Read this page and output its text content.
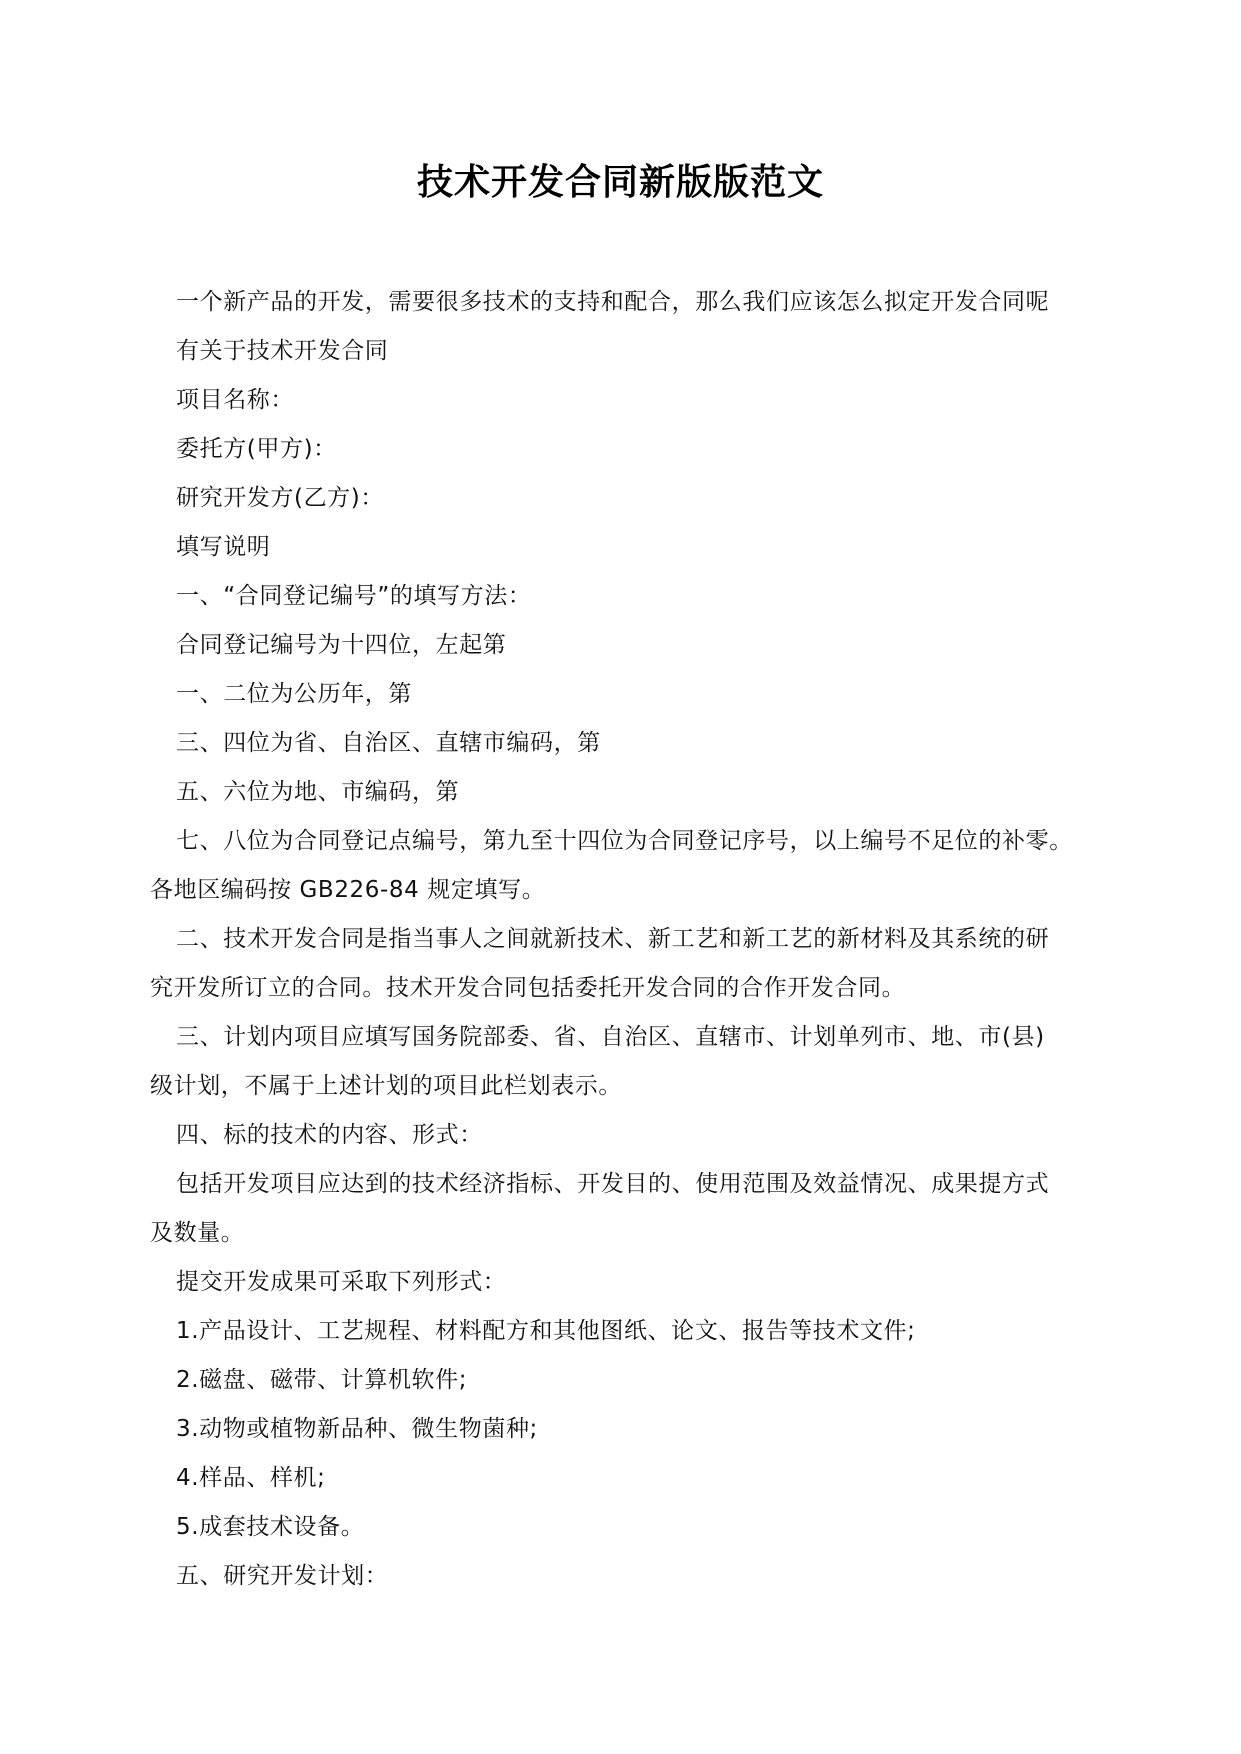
技术开发合同新版版范文
一个新产品的开发，需要很多技术的支持和配合，那么我们应该怎么拟定开发合同呢
有关于技术开发合同
项目名称：
委托方(甲方)：
研究开发方(乙方)：
填写说明
一、“合同登记编号”的填写方法：
合同登记编号为十四位，左起第
一、二位为公历年，第
三、四位为省、自治区、直辖市编码，第
五、六位为地、市编码，第
七、八位为合同登记点编号，第九至十四位为合同登记序号，以上编号不足位的补零。
各地区编码按 GB226-84 规定填写。
二、技术开发合同是指当事人之间就新技术、新工艺和新工艺的新材料及其系统的研
究开发所订立的合同。技术开发合同包括委托开发合同的合作开发合同。
三、计划内项目应填写国务院部委、省、自治区、直辖市、计划单列市、地、市(县)
级计划，不属于上述计划的项目此栏划表示。
四、标的技术的内容、形式：
包括开发项目应达到的技术经济指标、开发目的、使用范围及效益情况、成果提方式
及数量。
提交开发成果可采取下列形式：
1.产品设计、工艺规程、材料配方和其他图纸、论文、报告等技术文件;
2.磁盘、磁带、计算机软件;
3.动物或植物新品种、微生物菌种;
4.样品、样机;
5.成套技术设备。
五、研究开发计划：
